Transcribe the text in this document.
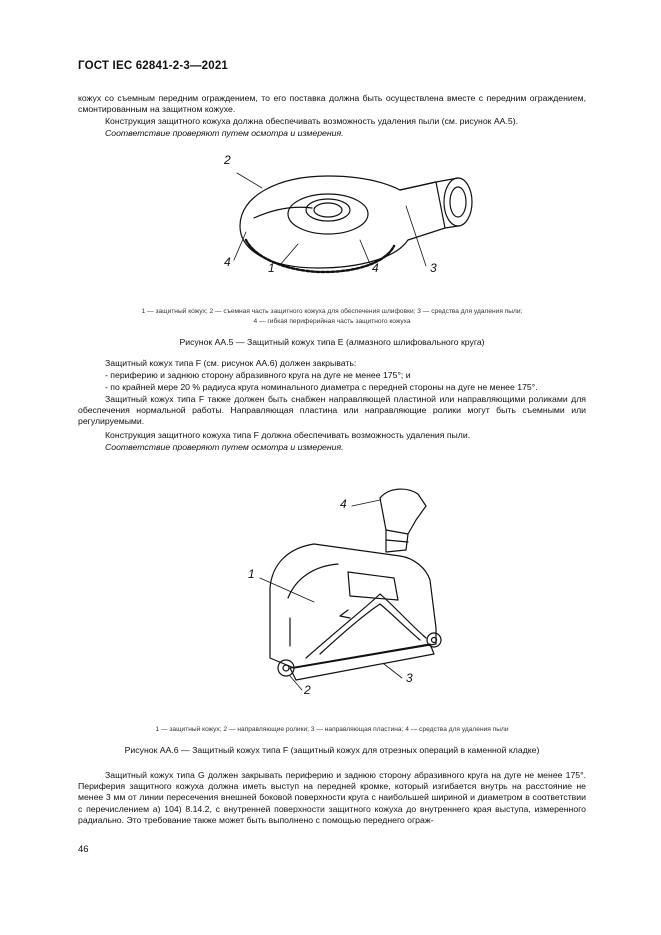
ГОСТ IEC 62841-2-3—2021

кожух со съемным передним ограждением, то его поставка должна быть осуществлена вместе с передним ограждением, смонтированным на защитном кожухе.

Конструкция защитного кожуха должна обеспечивать возможность удаления пыли (см. рисунок АА.5).

Соответствие проверяют путем осмотра и измерения.

2
4	1	4	3
1 — защитный кожух; 2 — съемная часть защитного кожуха для обеспечения шлифовки; 3 — средства для удаления пыли;
4 — гибкая периферийная часть защитного кожуха
Рисунок АА.5 — Защитный кожух типа E (алмазного шлифовального круга)

Защитный кожух типа F (см. рисунок АА.6) должен закрывать:

- периферию и заднюю сторону абразивного круга на дуге не менее 175°; и

- по крайней мере 20 % радиуса круга номинального диаметра с передней стороны на дуге не менее 175°.

Защитный кожух типа F также должен быть снабжен направляющей пластиной или направляющими роликами для обеспечения нормальной работы. Направляющая пластина или направляющие ролики могут быть съемными или регулируемыми.

Конструкция защитного кожуха типа F должна обеспечивать возможность удаления пыли.

Соответствие проверяют путем осмотра и измерения.

4
1
2
3
1 — защитный кожух; 2 — направляющие ролики; 3 — направляющая пластина; 4 — средства для удаления пыли
Рисунок АА.6 — Защитный кожух типа F (защитный кожух для отрезных операций в каменной кладке)

Защитный кожух типа G должен закрывать периферию и заднюю сторону абразивного круга на дуге не менее 175°. Периферия защитного кожуха должна иметь выступ на передней кромке, который изгибается внутрь на расстояние не менее 3 мм от линии пересечения внешней боковой поверхности круга с наибольшей шириной и диаметром в соответствии с перечислением а) 104) 8.14.2, с внутренней поверхности защитного кожуха до внутреннего края выступа, измеренного радиально. Это требование также может быть выполнено с помощью переднего ограж-

46
